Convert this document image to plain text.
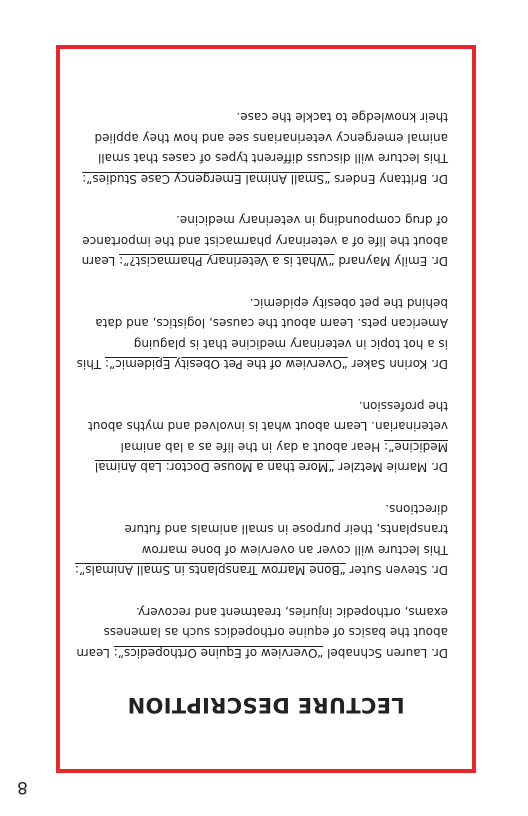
8
LECTURE DESCRIPTION
Dr. Lauren Schnabel “Overview of Equine Orthopedics”: Learn about the basics of equine orthopedics such as lameness exams, orthopedic injuries, treatment and recovery.
Dr. Steven Suter “Bone Marrow Transplants in Small Animals”: This lecture will cover an overview of bone marrow transplants, their purpose in small animals and future directions.
Dr. Marnie Metzler “More than a Mouse Doctor: Lab Animal Medicine”: Hear about a day in the life as a lab animal veterinarian. Learn about what is involved and myths about the profession.
Dr. Korinn Saker “Overview of the Pet Obesity Epidemic”: This is a hot topic in veterinary medicine that is plaguing American pets. Learn about the causes, logistics, and data behind the pet obesity epidemic.
Dr. Emily Maynard “What is a Veterinary Pharmacist?”: Learn about the life of a veterinary pharmacist and the importance of drug compounding in veterinary medicine.
Dr. Brittany Enders “Small Animal Emergency Case Studies”: This lecture will discuss different types of cases that small animal emergency veterinarians see and how they applied their knowledge to tackle the case.
